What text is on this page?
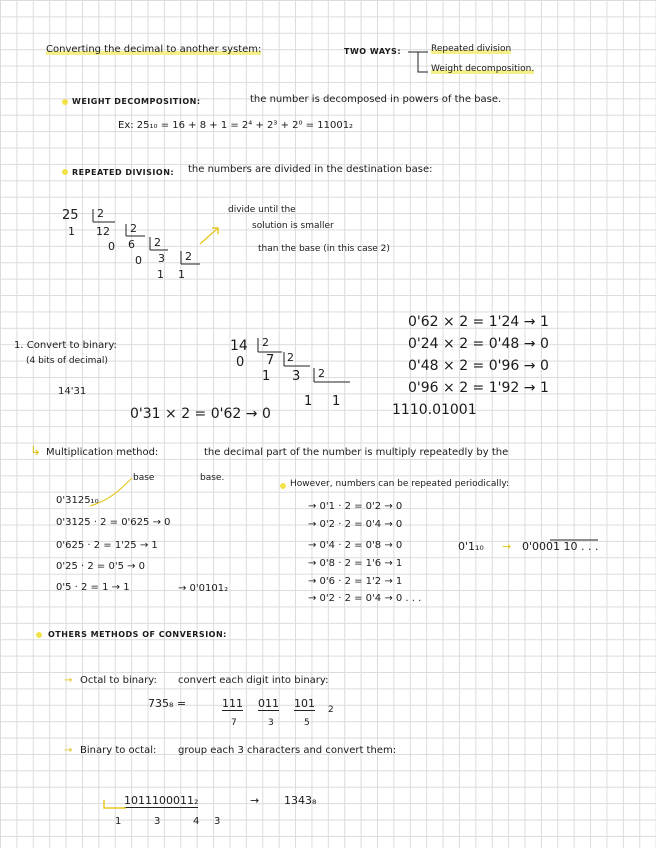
Converting the decimal to another system:	TWO WAYS:	Repeated division
Weight decomposition.
WEIGHT DECOMPOSITION:	the number is decomposed in powers of the base.
Ex: 25₁₀ = 16 + 8 + 1 = 2⁴ + 2³ + 2⁰ = 11001₂
REPEATED DIVISION: the numbers are divided in the destination base:
25 2
12 2
6 2
3 2
1
1
0
0
1
divide until the
solution is smaller
than the base (in this case 2)
1. Convert to binary:
(4 bits of decimal)
14'31
14 2
7 2
3 2
1
0
1
1
0'31 × 2 = 0'62 → 0
0'62 × 2 = 1'24 → 1
0'24 × 2 = 0'48 → 0
0'48 × 2 = 0'96 → 0
0'96 × 2 = 1'92 → 1
1110.01001
↳ Multiplication method:	the decimal part of the number is multiply repeatedly by the
base	base.
0'3125₁₀
0'3125 · 2 = 0'625 → 0
0'625 · 2 = 1'25 → 1
0'25 · 2 = 0'5 → 0
0'5 · 2 = 1 → 1	→ 0'0101₂
However, numbers can be repeated periodically:
→ 0'1 · 2 = 0'2 → 0
→ 0'2 · 2 = 0'4 → 0
→ 0'4 · 2 = 0'8 → 0
→ 0'8 · 2 = 1'6 → 1
→ 0'6 · 2 = 1'2 → 1
→ 0'2 · 2 = 0'4 → 0 . . .
0'1₁₀ → 0'0001 10 . . .
OTHERS METHODS OF CONVERSION:
→ Octal to binary: convert each digit into binary:
735₈ =	111 011 101 2
7	3	5
→ Binary to octal: group each 3 characters and convert them:
1011100011₂	→ 1343₈
1	3	4 3
